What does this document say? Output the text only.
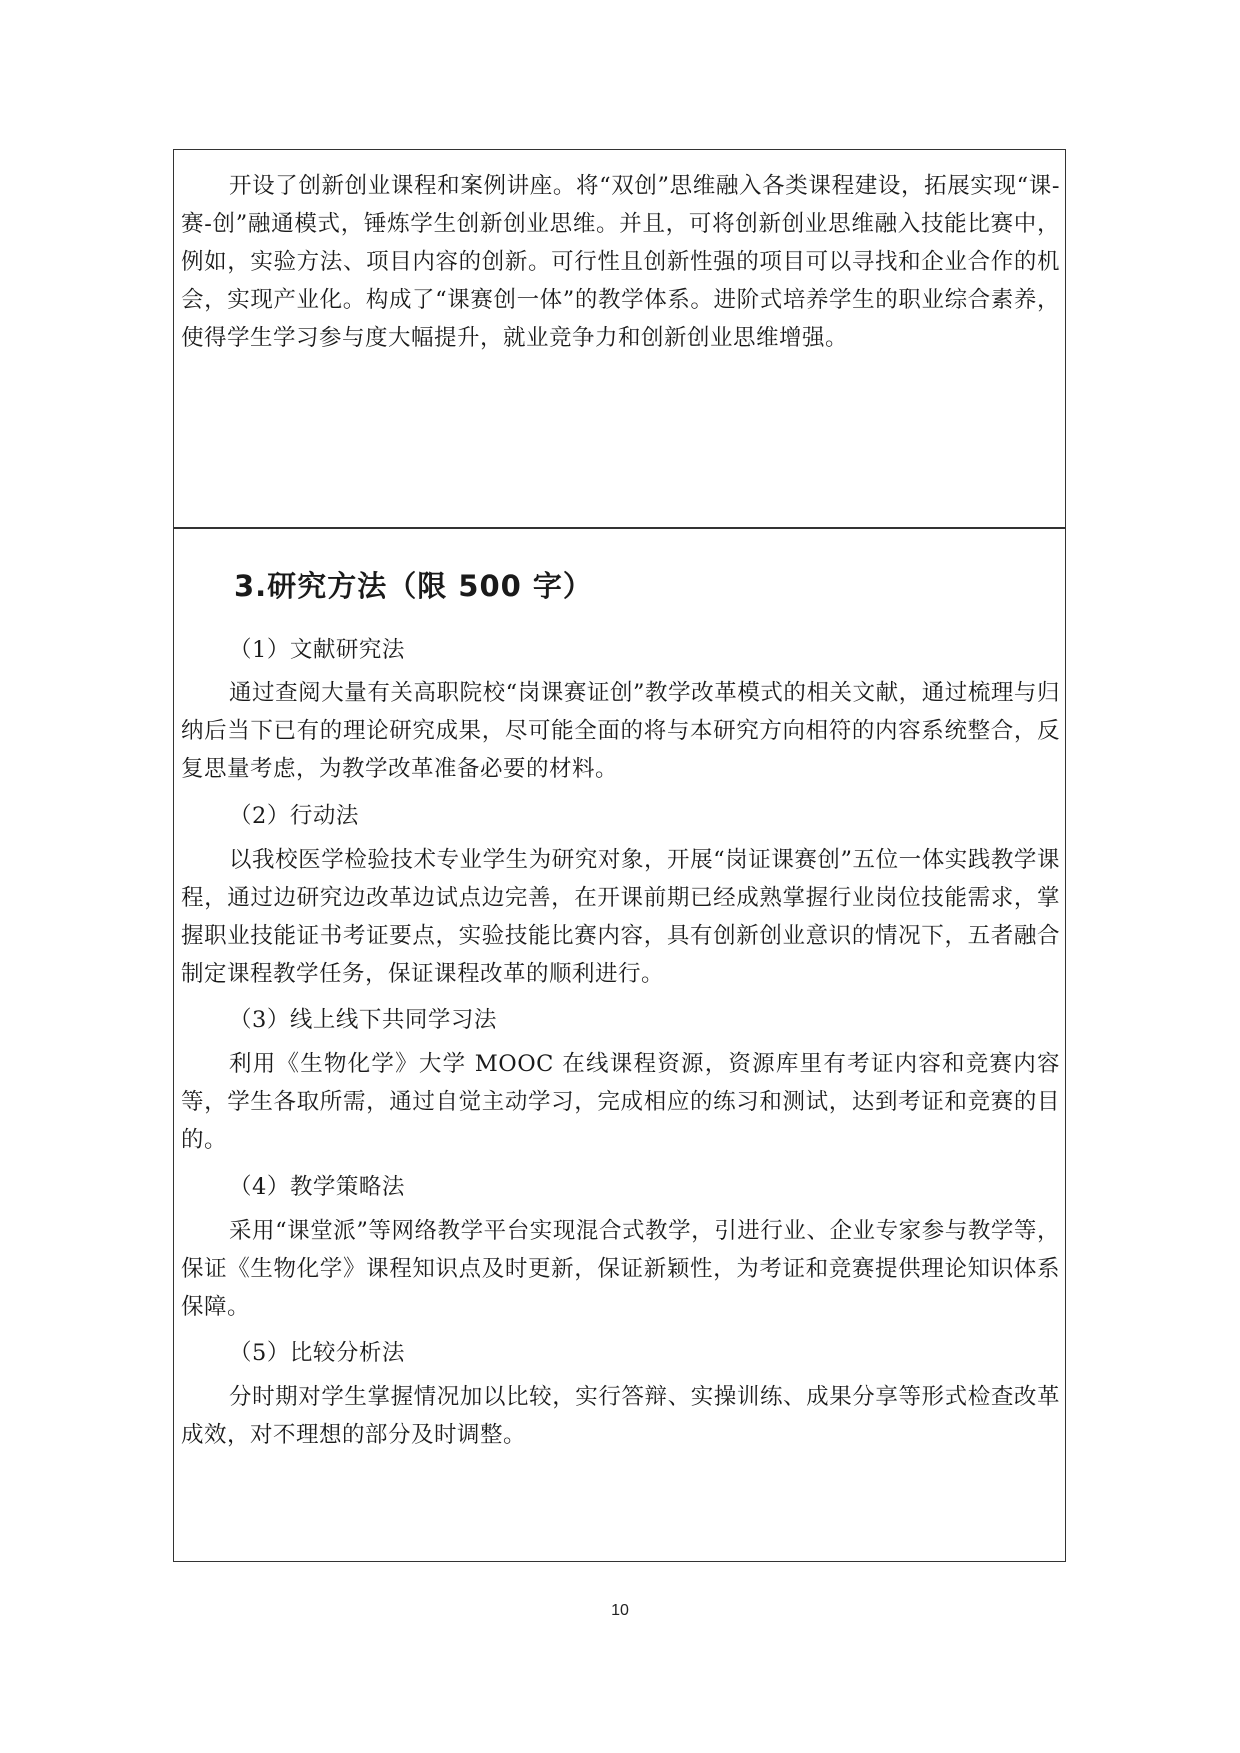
开设了创新创业课程和案例讲座。将“双创”思维融入各类课程建设，拓展实现“课-赛-创”融通模式，锤炼学生创新创业思维。并且，可将创新创业思维融入技能比赛中，例如，实验方法、项目内容的创新。可行性且创新性强的项目可以寻找和企业合作的机会，实现产业化。构成了“课赛创一体”的教学体系。进阶式培养学生的职业综合素养，使得学生学习参与度大幅提升，就业竞争力和创新创业思维增强。

3.研究方法（限 500 字）
（1）文献研究法

通过查阅大量有关高职院校“岗课赛证创”教学改革模式的相关文献，通过梳理与归纳后当下已有的理论研究成果，尽可能全面的将与本研究方向相符的内容系统整合，反复思量考虑，为教学改革准备必要的材料。

（2）行动法

以我校医学检验技术专业学生为研究对象，开展“岗证课赛创”五位一体实践教学课程，通过边研究边改革边试点边完善，在开课前期已经成熟掌握行业岗位技能需求，掌握职业技能证书考证要点，实验技能比赛内容，具有创新创业意识的情况下，五者融合制定课程教学任务，保证课程改革的顺利进行。

（3）线上线下共同学习法

利用《生物化学》大学 MOOC 在线课程资源，资源库里有考证内容和竞赛内容等，学生各取所需，通过自觉主动学习，完成相应的练习和测试，达到考证和竞赛的目的。

（4）教学策略法

采用“课堂派”等网络教学平台实现混合式教学，引进行业、企业专家参与教学等，保证《生物化学》课程知识点及时更新，保证新颖性，为考证和竞赛提供理论知识体系保障。

（5）比较分析法

分时期对学生掌握情况加以比较，实行答辩、实操训练、成果分享等形式检查改革成效，对不理想的部分及时调整。

10
